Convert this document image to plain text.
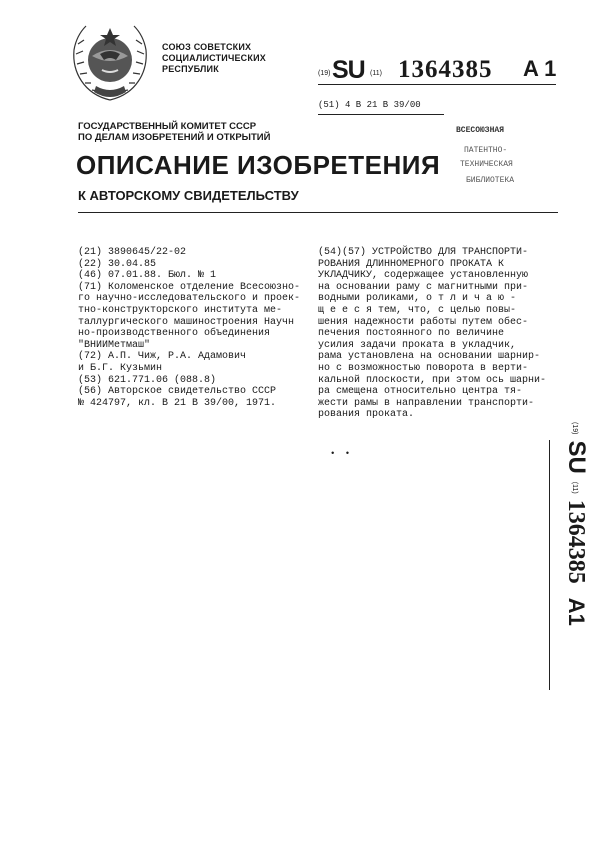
СОЮЗ СОВЕТСКИХ
СОЦИАЛИСТИЧЕСКИХ
РЕСПУБЛИК	(19) SU (11) 1364385 A 1
(51) 4 В 21 В 39/00
ГОСУДАРСТВЕННЫЙ КОМИТЕТ СССР
ПО ДЕЛАМ ИЗОБРЕТЕНИЙ И ОТКРЫТИЙ
ВСЕСОЮЗНАЯ
ПАТЕНТНО-
ТЕХНИЧЕСКАЯ
БИБЛИОТЕКА
ОПИСАНИЕ ИЗОБРЕТЕНИЯ
К АВТОРСКОМУ СВИДЕТЕЛЬСТВУ
(21) 3890645/22-02
(22) 30.04.85
(46) 07.01.88. Бюл. № 1
(71) Коломенское отделение Всесоюзно-
го научно-исследовательского и проек-
тно-конструкторского института ме-
таллургического машиностроения Научн
но-производственного объединения
"ВНИИМетмаш"
(72) А.П. Чиж, Р.А. Адамович
и Б.Г. Кузьмин
(53) 621.771.06 (088.8)
(56) Авторское свидетельство СССР
№ 424797, кл. В 21 В 39/00, 1971.
(54)(57) УСТРОЙСТВО ДЛЯ ТРАНСПОРТИ-
РОВАНИЯ ДЛИННОМЕРНОГО ПРОКАТА К
УКЛАДЧИКУ, содержащее установленную
на основании раму с магнитными при-
водными роликами, о т л и ч а ю -
щ е е с я тем, что, с целью повы-
шения надежности работы путем обес-
печения постоянного по величине
усилия задачи проката в укладчик,
рама установлена на основании шарнир-
но с возможностью поворота в верти-
кальной плоскости, при этом ось шарни-
ра смещена относительно центра тя-
жести рамы в направлении транспорти-
рования проката.
• •
(19)SU(11)1364385A1
